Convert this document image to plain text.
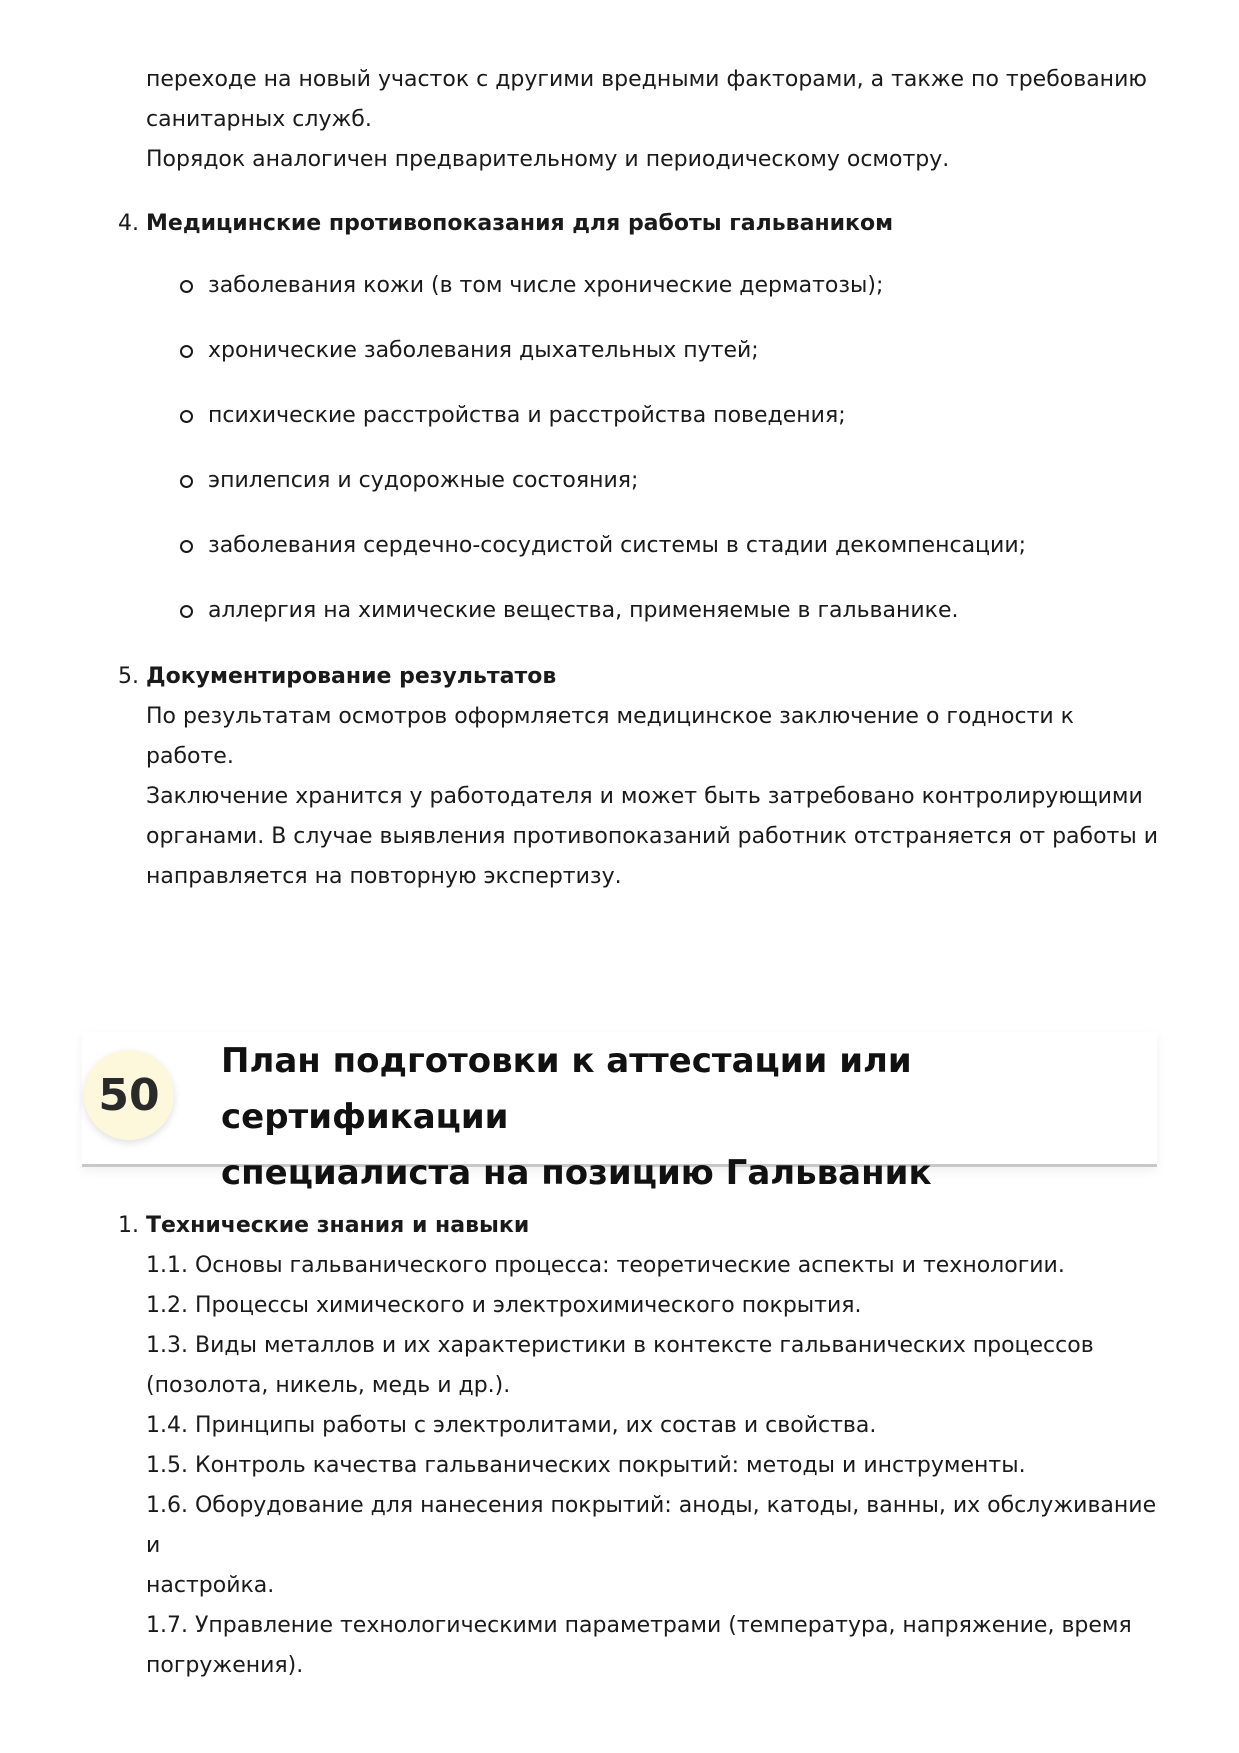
переходе на новый участок с другими вредными факторами, а также по требованию
санитарных служб.
Порядок аналогичен предварительному и периодическому осмотру.
4. Медицинские противопоказания для работы гальваником
заболевания кожи (в том числе хронические дерматозы);
хронические заболевания дыхательных путей;
психические расстройства и расстройства поведения;
эпилепсия и судорожные состояния;
заболевания сердечно-сосудистой системы в стадии декомпенсации;
аллергия на химические вещества, применяемые в гальванике.
5. Документирование результатов
По результатам осмотров оформляется медицинское заключение о годности к работе.
Заключение хранится у работодателя и может быть затребовано контролирующими
органами. В случае выявления противопоказаний работник отстраняется от работы и
направляется на повторную экспертизу.
50
План подготовки к аттестации или сертификации
специалиста на позицию Гальваник
1. Технические знания и навыки
1.1. Основы гальванического процесса: теоретические аспекты и технологии.
1.2. Процессы химического и электрохимического покрытия.
1.3. Виды металлов и их характеристики в контексте гальванических процессов
(позолота, никель, медь и др.).
1.4. Принципы работы с электролитами, их состав и свойства.
1.5. Контроль качества гальванических покрытий: методы и инструменты.
1.6. Оборудование для нанесения покрытий: аноды, катоды, ванны, их обслуживание и
настройка.
1.7. Управление технологическими параметрами (температура, напряжение, время
погружения).
